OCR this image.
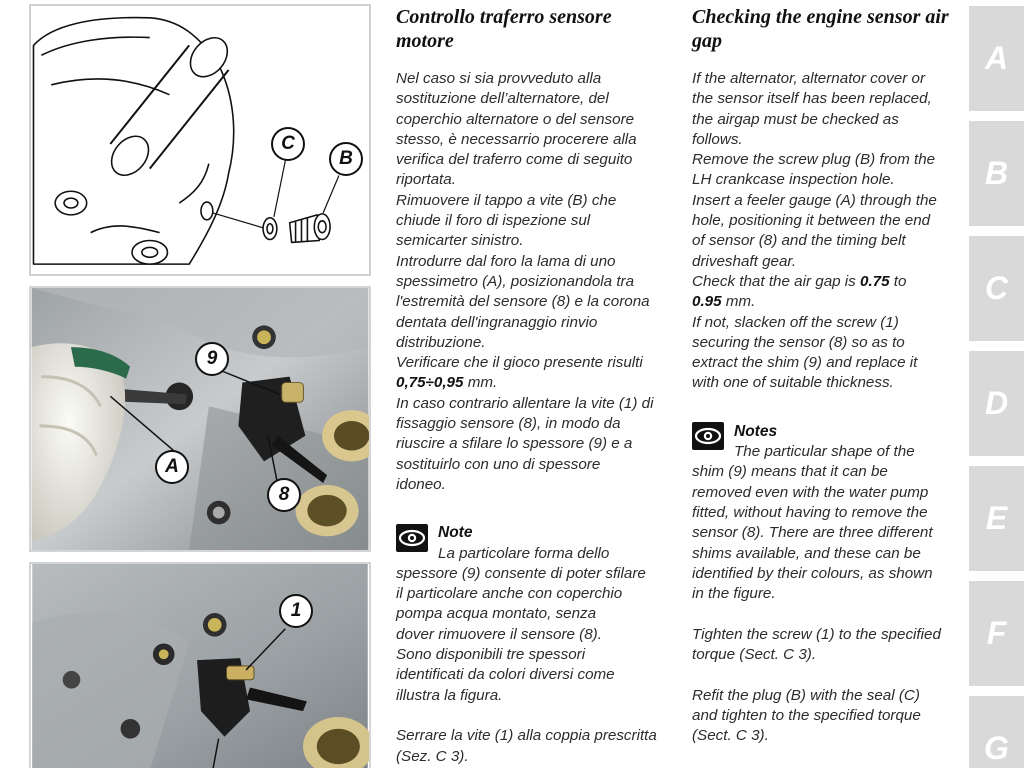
C
B
9
A
8
1
Controllo traferro sensore motore

Nel caso si sia provveduto alla

sostituzione dell’alternatore, del

coperchio alternatore o del sensore

stesso, è necessarrio procerere alla

verifica del traferro come di seguito

riportata.

Rimuovere il tappo a vite (B) che

chiude il foro di ispezione sul

semicarter sinistro.

Introdurre dal foro la lama di uno

spessimetro (A), posizionandola tra

l'estremità del sensore (8) e la corona

dentata dell'ingranaggio rinvio

distribuzione.

Verificare che il gioco presente risulti

0,75÷0,95 mm.

In caso contrario allentare la vite (1) di

fissaggio sensore (8), in modo da

riuscire a sfilare lo spessore (9) e a

sostituirlo con uno di spessore

idoneo.

Note

La particolare forma dello

spessore (9) consente di poter sfilare

il particolare anche con coperchio

pompa acqua montato, senza

dover rimuovere il sensore (8).

Sono disponibili tre spessori

identificati da colori diversi come

illustra la figura.

Serrare la vite (1) alla coppia prescritta

(Sez. C 3).

Checking the engine sensor air gap

If the alternator, alternator cover or

the sensor itself has been replaced,

the airgap must be checked as

follows.

Remove the screw plug (B) from the

LH crankcase inspection hole.

Insert a feeler gauge (A) through the

hole, positioning it between the end

of sensor (8) and the timing belt

driveshaft gear.

Check that the air gap is 0.75 to

0.95 mm.

If not, slacken off the screw (1)

securing the sensor (8) so as to

extract the shim (9) and replace it

with one of suitable thickness.

Notes

The particular shape of the

shim (9) means that it can be

removed even with the water pump

fitted, without having to remove the

sensor (8). There are three different

shims available, and these can be

identified by their colours, as shown

in the figure.

Tighten the screw (1) to the specified

torque (Sect. C 3).

Refit the plug (B) with the seal (C)

and tighten to the specified torque

(Sect. C 3).

A
B
C
D
E
F
G
